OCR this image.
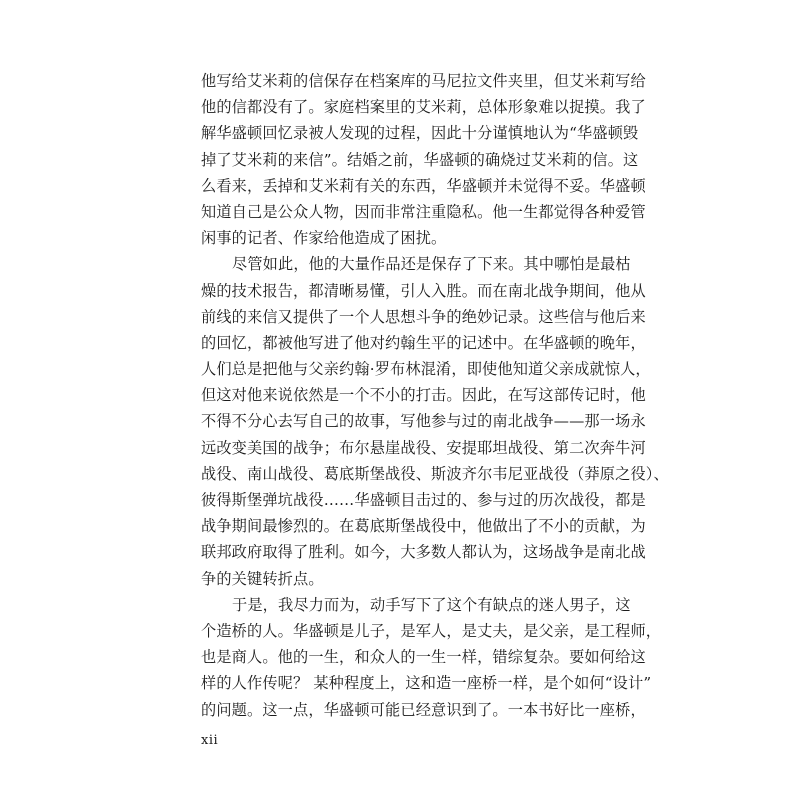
他写给艾米莉的信保存在档案库的马尼拉文件夹里，但艾米莉写给
他的信都没有了。家庭档案里的艾米莉，总体形象难以捉摸。我了
解华盛顿回忆录被人发现的过程，因此十分谨慎地认为“华盛顿毁
掉了艾米莉的来信”。结婚之前，华盛顿的确烧过艾米莉的信。这
么看来，丢掉和艾米莉有关的东西，华盛顿并未觉得不妥。华盛顿
知道自己是公众人物，因而非常注重隐私。他一生都觉得各种爱管
闲事的记者、作家给他造成了困扰。
尽管如此，他的大量作品还是保存了下来。其中哪怕是最枯
燥的技术报告，都清晰易懂，引人入胜。而在南北战争期间，他从
前线的来信又提供了一个人思想斗争的绝妙记录。这些信与他后来
的回忆，都被他写进了他对约翰生平的记述中。在华盛顿的晚年，
人们总是把他与父亲约翰·罗布林混淆，即使他知道父亲成就惊人，
但这对他来说依然是一个不小的打击。因此，在写这部传记时，他
不得不分心去写自己的故事，写他参与过的南北战争——那一场永
远改变美国的战争；布尔悬崖战役、安提耶坦战役、第二次奔牛河
战役、南山战役、葛底斯堡战役、斯波齐尔韦尼亚战役（莽原之役）、
彼得斯堡弹坑战役……华盛顿目击过的、参与过的历次战役，都是
战争期间最惨烈的。在葛底斯堡战役中，他做出了不小的贡献，为
联邦政府取得了胜利。如今，大多数人都认为，这场战争是南北战
争的关键转折点。
于是，我尽力而为，动手写下了这个有缺点的迷人男子，这
个造桥的人。华盛顿是儿子，是军人，是丈夫，是父亲，是工程师，
也是商人。他的一生，和众人的一生一样，错综复杂。要如何给这
样的人作传呢？ 某种程度上，这和造一座桥一样，是个如何“设计”
的问题。这一点，华盛顿可能已经意识到了。一本书好比一座桥，
xii
